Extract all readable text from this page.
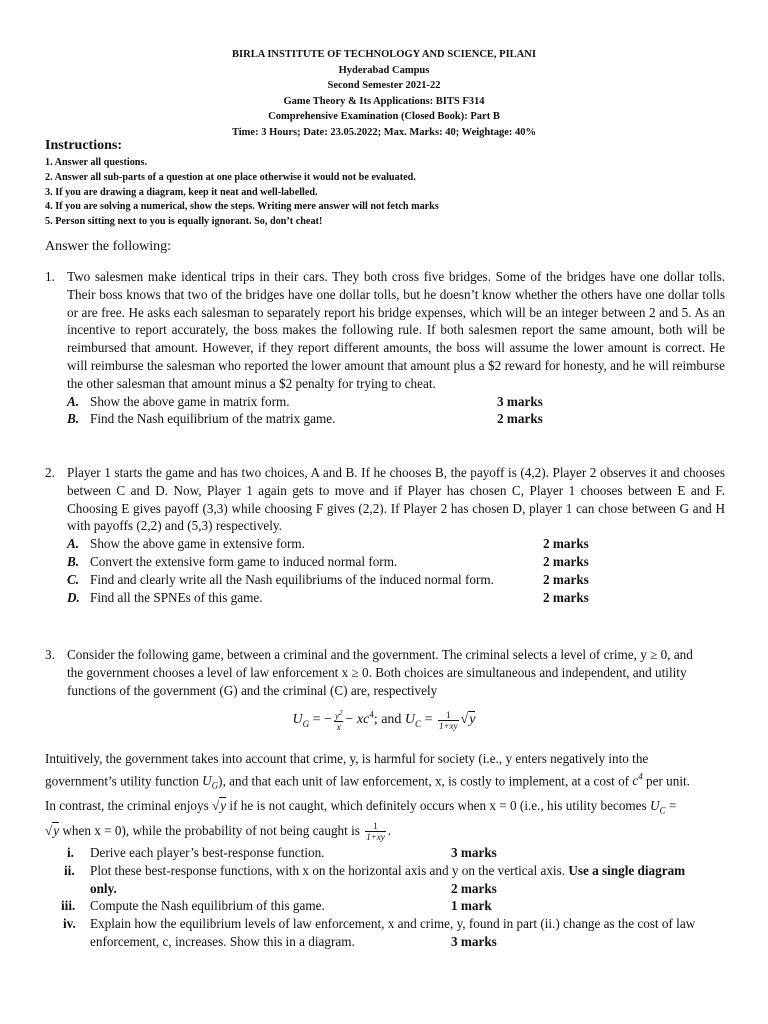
BIRLA INSTITUTE OF TECHNOLOGY AND SCIENCE, PILANI
Hyderabad Campus
Second Semester 2021-22
Game Theory & Its Applications: BITS F314
Comprehensive Examination (Closed Book): Part B
Time: 3 Hours; Date: 23.05.2022; Max. Marks: 40; Weightage: 40%
Instructions:
1. Answer all questions.
2. Answer all sub-parts of a question at one place otherwise it would not be evaluated.
3. If you are drawing a diagram, keep it neat and well-labelled.
4. If you are solving a numerical, show the steps. Writing mere answer will not fetch marks
5. Person sitting next to you is equally ignorant. So, don’t cheat!
Answer the following:
1. Two salesmen make identical trips in their cars. They both cross five bridges. Some of the bridges have one dollar tolls. Their boss knows that two of the bridges have one dollar tolls, but he doesn’t know whether the others have one dollar tolls or are free. He asks each salesman to separately report his bridge expenses, which will be an integer between 2 and 5. As an incentive to report accurately, the boss makes the following rule. If both salesmen report the same amount, both will be reimbursed that amount. However, if they report different amounts, the boss will assume the lower amount is correct. He will reimburse the salesman who reported the lower amount that amount plus a $2 reward for honesty, and he will reimburse the other salesman that amount minus a $2 penalty for trying to cheat.
A. Show the above game in matrix form.	3 marks
B. Find the Nash equilibrium of the matrix game.	2 marks
2. Player 1 starts the game and has two choices, A and B. If he chooses B, the payoff is (4,2). Player 2 observes it and chooses between C and D. Now, Player 1 again gets to move and if Player has chosen C, Player 1 chooses between E and F. Choosing E gives payoff (3,3) while choosing F gives (2,2). If Player 2 has chosen D, player 1 can chose between G and H with payoffs (2,2) and (5,3) respectively.
A. Show the above game in extensive form.	2 marks
B. Convert the extensive form game to induced normal form.	2 marks
C. Find and clearly write all the Nash equilibriums of the induced normal form.	2 marks
D. Find all the SPNEs of this game.	2 marks
3. Consider the following game, between a criminal and the government. The criminal selects a level of crime, y ≥ 0, and
the government chooses a level of law enforcement x ≥ 0. Both choices are simultaneous and independent, and utility
functions of the government (G) and the criminal (C) are, respectively
$U_G$ = − $\frac{y^2}{x} - xc^4$; and $U_C = \frac{1}{1+xy} √y$
Intuitively, the government takes into account that crime, y, is harmful for society (i.e., y enters negatively into the
government’s utility function $U_G$), and that each unit of law enforcement, x, is costly to implement, at a cost of $c^4$ per unit.
In contrast, the criminal enjoys √y if he is not caught, which definitely occurs when x = 0 (i.e., his utility becomes $U_C$ =
√y when x = 0), while the probability of not being caught is $\frac{1}{1+xy}$ .
i. Derive each player’s best-response function.	3 marks
ii. Plot these best-response functions, with x on the horizontal axis and y on the vertical axis. Use a single diagram
only.	2 marks
iii. Compute the Nash equilibrium of this game.	1 mark
iv. Explain how the equilibrium levels of law enforcement, x and crime, y, found in part (ii.) change as the cost of law
enforcement, c, increases. Show this in a diagram.	3 marks
